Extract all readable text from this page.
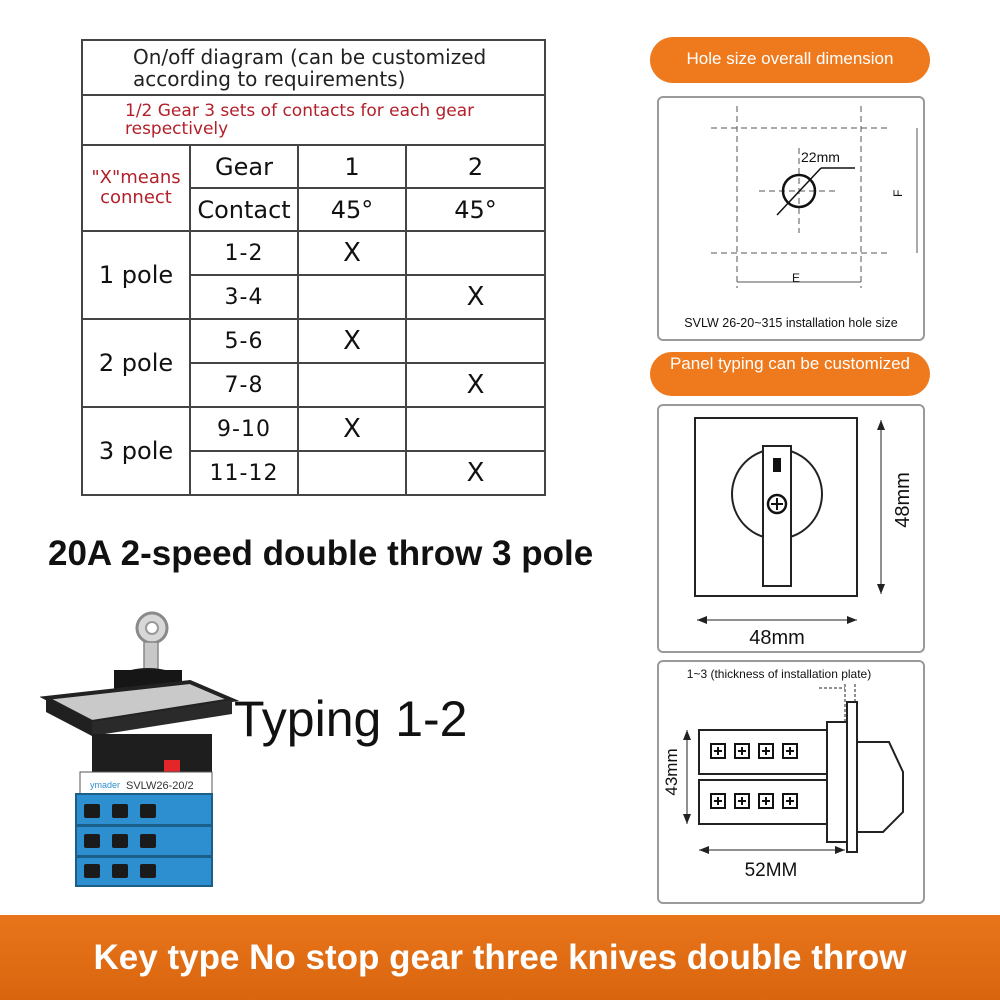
On/off diagram (can be customized according to requirements)			
1/2 Gear 3 sets of contacts for each gear respectively			
"X"means connect	Gear	1	2
	Contact	45°	45°
1 pole	1-2	X	
	3-4		X
2 pole	5-6	X	
	7-8		X
3 pole	9-10	X	
	11-12		X
20A 2-speed double throw 3 pole
ymader SVLW26-20/2
Typing 1-2
Hole size overall dimension
22mm
F
E
SVLW 26-20~315 installation hole size
Panel typing can be customized
48mm
48mm
1~3 (thickness of installation plate)
43mm
52MM
Key type No stop gear three knives double throw
